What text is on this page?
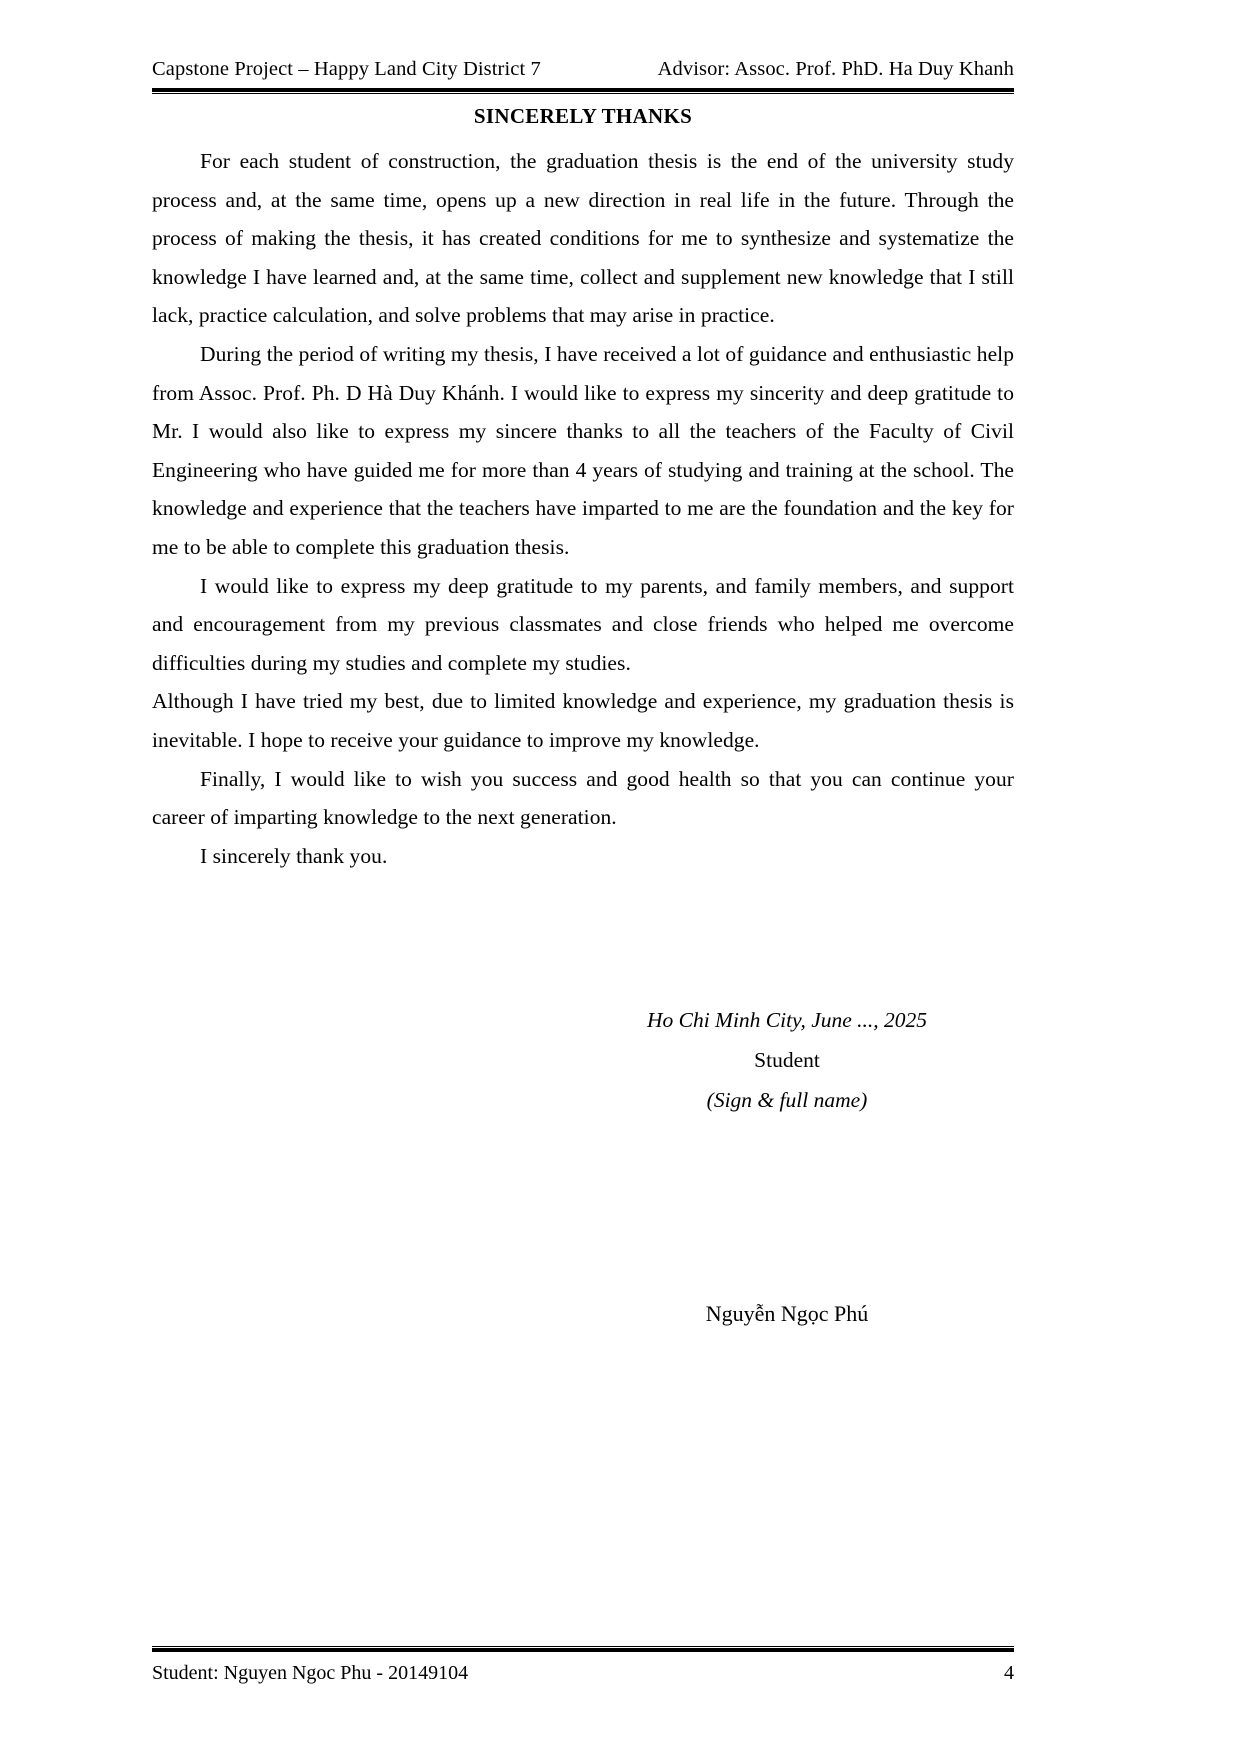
Capstone Project – Happy Land City District 7	Advisor: Assoc. Prof. PhD. Ha Duy Khanh
SINCERELY THANKS

For each student of construction, the graduation thesis is the end of the university study process and, at the same time, opens up a new direction in real life in the future. Through the process of making the thesis, it has created conditions for me to synthesize and systematize the knowledge I have learned and, at the same time, collect and supplement new knowledge that I still lack, practice calculation, and solve problems that may arise in practice.

During the period of writing my thesis, I have received a lot of guidance and enthusiastic help from Assoc. Prof. Ph. D Hà Duy Khánh. I would like to express my sincerity and deep gratitude to Mr. I would also like to express my sincere thanks to all the teachers of the Faculty of Civil Engineering who have guided me for more than 4 years of studying and training at the school. The knowledge and experience that the teachers have imparted to me are the foundation and the key for me to be able to complete this graduation thesis.

I would like to express my deep gratitude to my parents, and family members, and support and encouragement from my previous classmates and close friends who helped me overcome difficulties during my studies and complete my studies.

Although I have tried my best, due to limited knowledge and experience, my graduation thesis is inevitable. I hope to receive your guidance to improve my knowledge.

Finally, I would like to wish you success and good health so that you can continue your career of imparting knowledge to the next generation.

I sincerely thank you.

Ho Chi Minh City, June ..., 2025
Student
(Sign & full name)
Nguyễn Ngọc Phú
Student: Nguyen Ngoc Phu - 20149104	4
